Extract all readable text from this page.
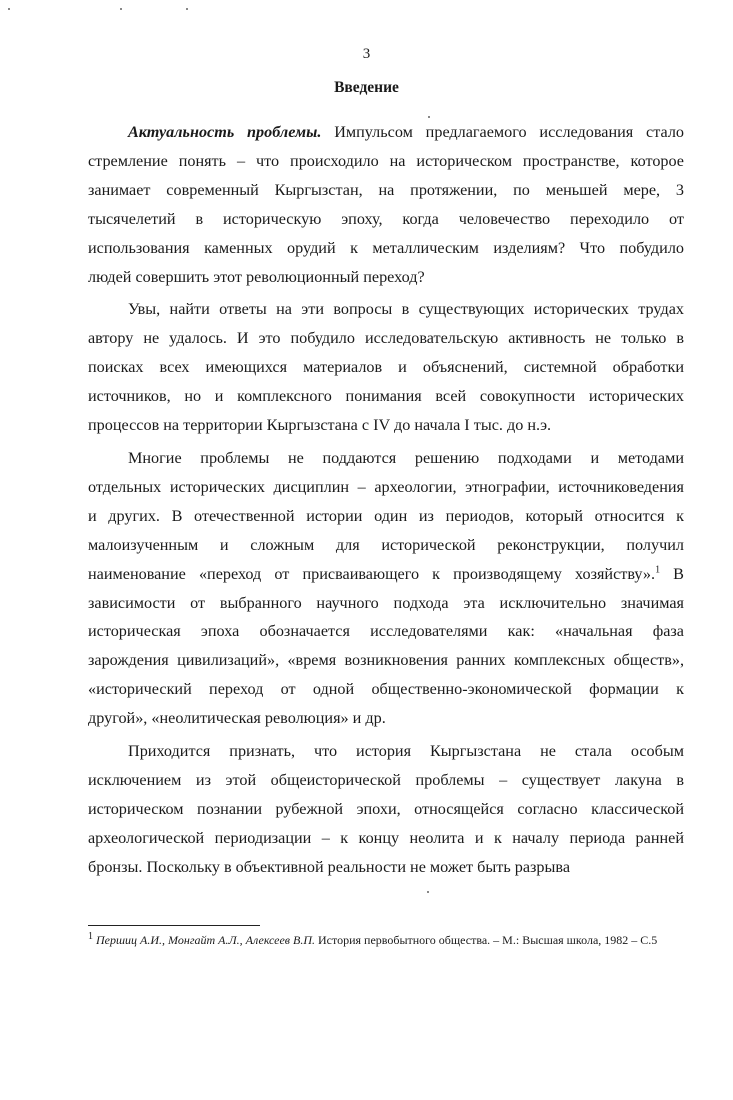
3
Введение
Актуальность проблемы. Импульсом предлагаемого исследования стало
стремление понять – что происходило на историческом пространстве, которое
занимает современный Кыргызстан, на протяжении, по меньшей мере, 3
тысячелетий в историческую эпоху, когда человечество переходило от
использования каменных орудий к металлическим изделиям? Что побудило
людей совершить этот революционный переход?
Увы, найти ответы на эти вопросы в существующих исторических трудах
автору не удалось. И это побудило исследовательскую активность не только в
поисках всех имеющихся материалов и объяснений, системной обработки
источников, но и комплексного понимания всей совокупности исторических
процессов на территории Кыргызстана с IV до начала I тыс. до н.э.
Многие проблемы не поддаются решению подходами и методами
отдельных исторических дисциплин – археологии, этнографии, источниковедения
и других. В отечественной истории один из периодов, который относится к
малоизученным и сложным для исторической реконструкции, получил
наименование «переход от присваивающего к производящему хозяйству».$^1$ В
зависимости от выбранного научного подхода эта исключительно значимая
историческая эпоха обозначается исследователями как: «начальная фаза
зарождения цивилизаций», «время возникновения ранних комплексных обществ»,
«исторический переход от одной общественно-экономической формации к
другой», «неолитическая революция» и др.
Приходится признать, что история Кыргызстана не стала особым
исключением из этой общеисторической проблемы – существует лакуна в
историческом познании рубежной эпохи, относящейся согласно классической
археологической периодизации – к концу неолита и к началу периода ранней
бронзы. Поскольку в объективной реальности не может быть разрыва
$^1$ Першиц А.И., Монгайт А.Л., Алексеев В.П. История первобытного общества. – М.: Высшая школа, 1982 – С.5
